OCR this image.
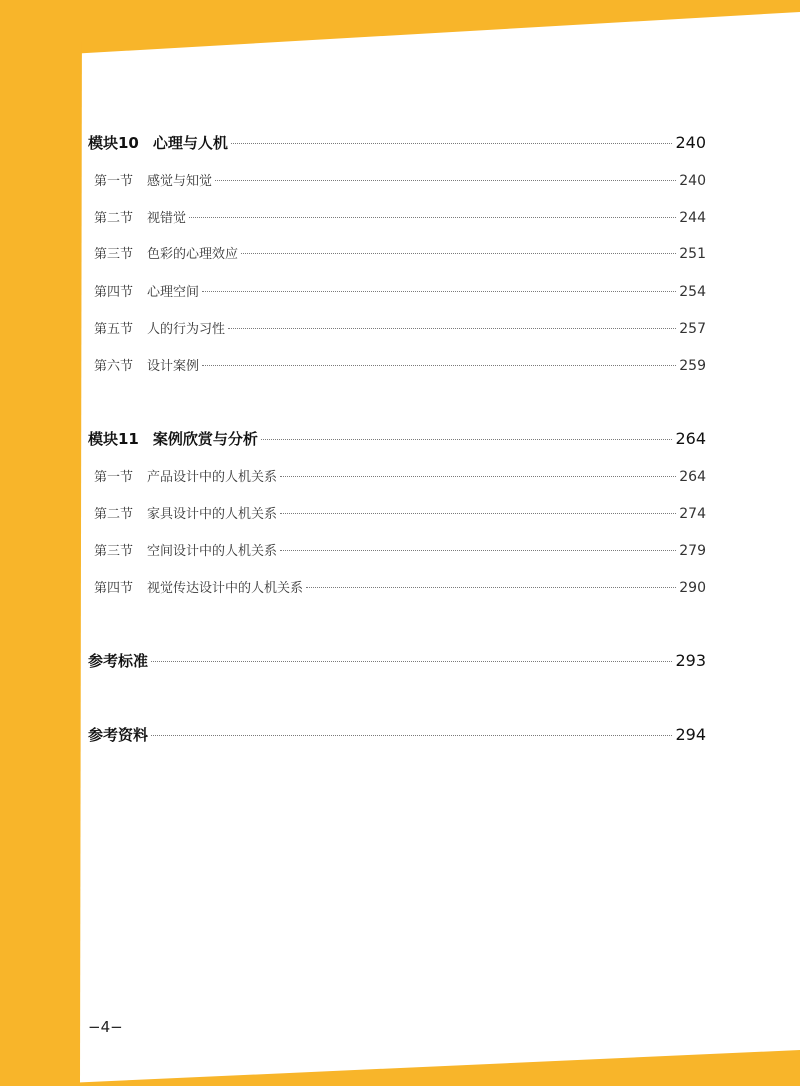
模块10 心理与人机	240
第一节 感觉与知觉	240
第二节 视错觉	244
第三节 色彩的心理效应	251
第四节 心理空间	254
第五节 人的行为习性	257
第六节 设计案例	259
模块11 案例欣赏与分析	264
第一节 产品设计中的人机关系	264
第二节 家具设计中的人机关系	274
第三节 空间设计中的人机关系	279
第四节 视觉传达设计中的人机关系	290
参考标准	293
参考资料	294
−4−
